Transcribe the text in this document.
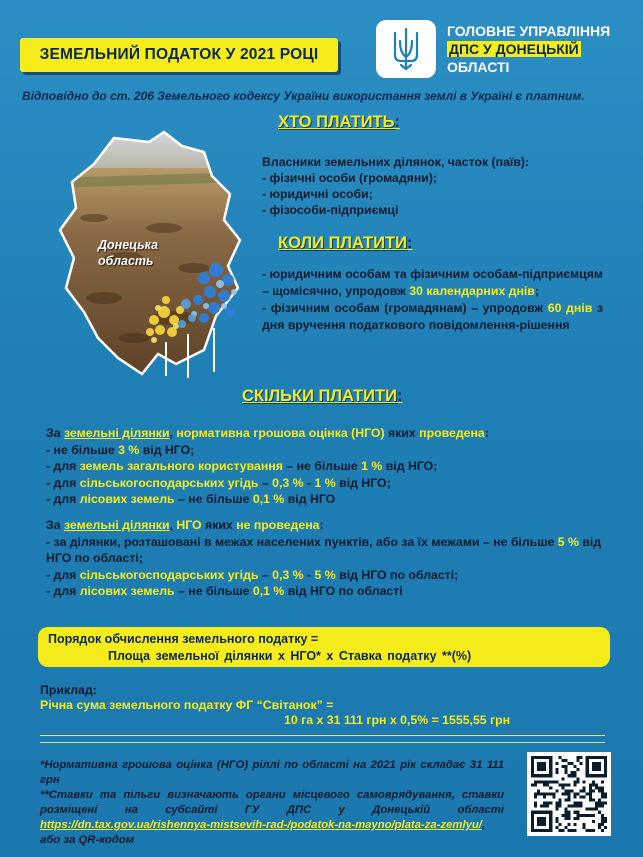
ЗЕМЕЛЬНИЙ ПОДАТОК У 2021 РОЦІ
ГОЛОВНЕ УПРАВЛІННЯ
ДПС У ДОНЕЦЬКІЙ
ОБЛАСТІ
Відповідно до ст. 206 Земельного кодексу України використання землі в Україні є платним.
Донецька
область
ХТО ПЛАТИТЬ:
Власники земельних ділянок, часток (паїв):
- фізичні особи (громадяни);
- юридичні особи;
- фізособи-підприємці
КОЛИ ПЛАТИТИ:
- юридичним особам та фізичним особам-підприємцям – щомісячно, упродовж 30 календарних днів;
- фізичним особам (громадянам) – упродовж 60 днів з дня вручення податкового повідомлення-рішення
СКІЛЬКИ ПЛАТИТИ:
За земельні ділянки, нормативна грошова оцінка (НГО) яких проведена:
- не більше 3 % від НГО;
- для земель загального користування – не більше 1 % від НГО;
- для сільськогосподарських угідь – 0,3 % - 1 % від НГО;
- для лісових земель – не більше 0,1 % від НГО
За земельні ділянки, НГО яких не проведена:
- за ділянки, розташовані в межах населених пунктів, або за їх межами – не більше 5 % від НГО по області;
- для сільськогосподарських угідь – 0,3 % - 5 % від НГО по області;
- для лісових земель – не більше 0,1 % від НГО по області
Порядок обчислення земельного податку =
Площа земельної ділянки х НГО* х Ставка податку **(%)
Приклад:
Річна сума земельного податку ФГ “Світанок” =
10 га х 31 111 грн х 0,5% = 1555,55 грн
*Нормативна грошова оцінка (НГО) ріллі по області на 2021 рік складає 31 111 грн
**Ставки та пільги визначають органи місцевого самоврядування, ставки розміщені на субсайті ГУ ДПС у Донецькій області https://dn.tax.gov.ua/rishennya-mistsevih-rad-/podatok-na-mayno/plata-za-zemlyu/, або за QR-кодом
